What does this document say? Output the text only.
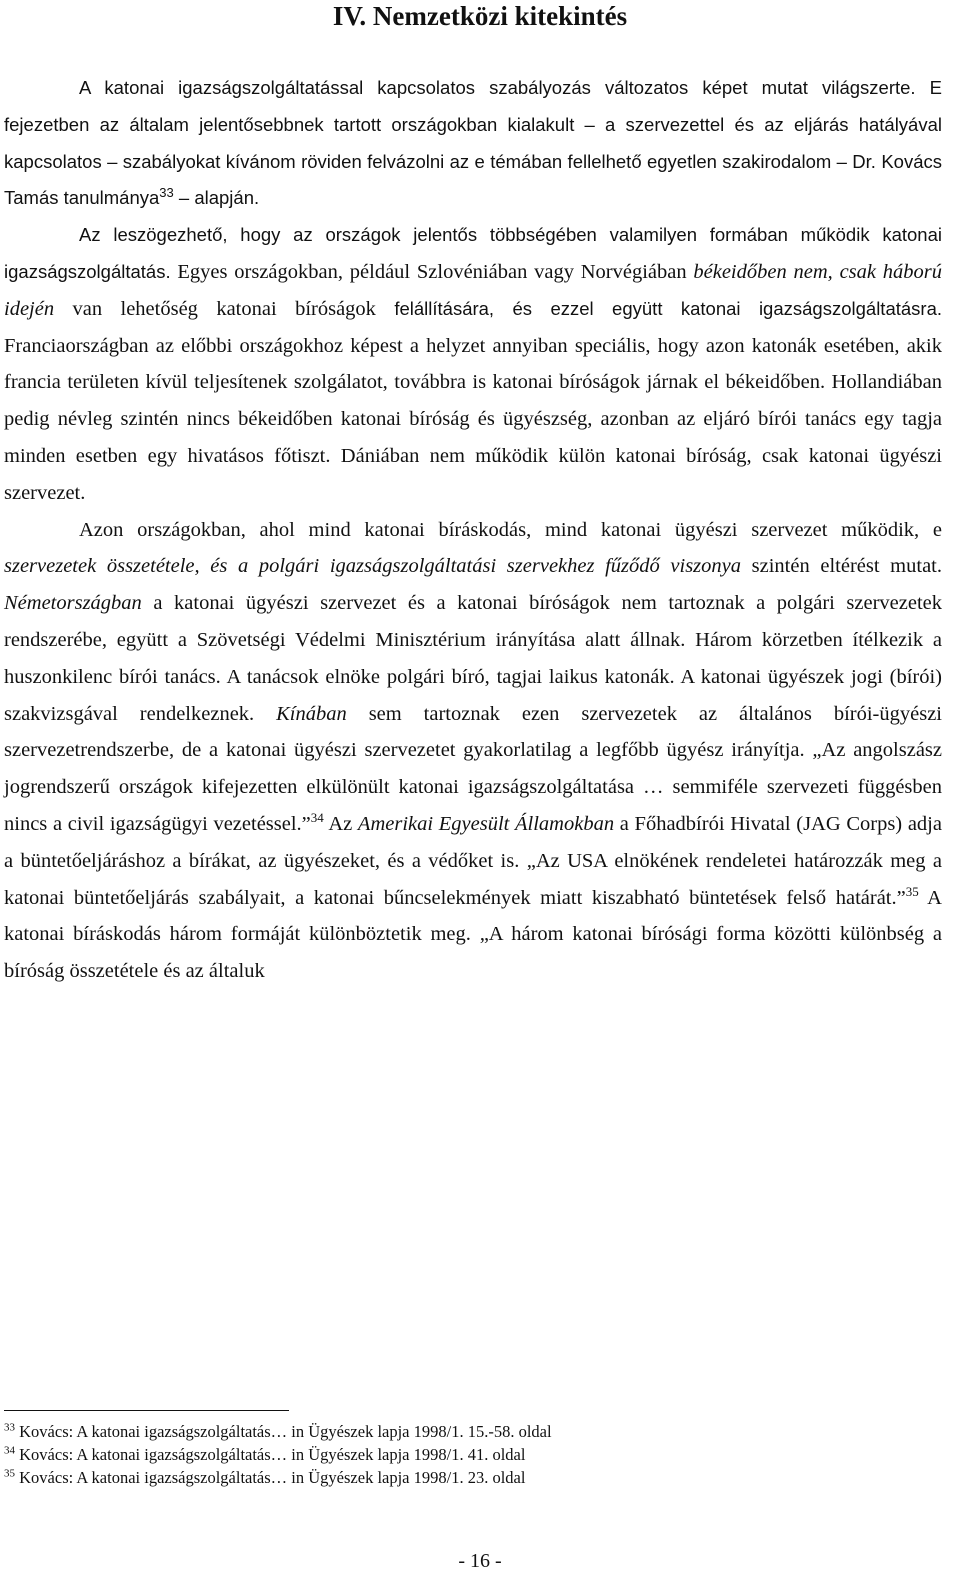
IV. Nemzetközi kitekintés

A katonai igazságszolgáltatással kapcsolatos szabályozás változatos képet mutat világszerte. E fejezetben az általam jelentősebbnek tartott országokban kialakult – a szervezettel és az eljárás hatályával kapcsolatos – szabályokat kívánom röviden felvázolni az e témában fellelhető egyetlen szakirodalom – Dr. Kovács Tamás tanulmánya$^{33}$ – alapján.

Az leszögezhető, hogy az országok jelentős többségében valamilyen formában működik katonai igazságszolgáltatás. Egyes országokban, például Szlovéniában vagy Norvégiában békeidőben nem, csak háború idején van lehetőség katonai bíróságok felállítására, és ezzel együtt katonai igazságszolgáltatásra. Franciaországban az előbbi országokhoz képest a helyzet annyiban speciális, hogy azon katonák esetében, akik francia területen kívül teljesítenek szolgálatot, továbbra is katonai bíróságok járnak el békeidőben. Hollandiában pedig névleg szintén nincs békeidőben katonai bíróság és ügyészség, azonban az eljáró bírói tanács egy tagja minden esetben egy hivatásos főtiszt. Dániában nem működik külön katonai bíróság, csak katonai ügyészi szervezet.

Azon országokban, ahol mind katonai bíráskodás, mind katonai ügyészi szervezet működik, e szervezetek összetétele, és a polgári igazságszolgáltatási szervekhez fűződő viszonya szintén eltérést mutat. Németországban a katonai ügyészi szervezet és a katonai bíróságok nem tartoznak a polgári szervezetek rendszerébe, együtt a Szövetségi Védelmi Minisztérium irányítása alatt állnak. Három körzetben ítélkezik a huszonkilenc bírói tanács. A tanácsok elnöke polgári bíró, tagjai laikus katonák. A katonai ügyészek jogi (bírói) szakvizsgával rendelkeznek. Kínában sem tartoznak ezen szervezetek az általános bírói-ügyészi szervezetrendszerbe, de a katonai ügyészi szervezetet gyakorlatilag a legfőbb ügyész irányítja. „Az angolszász jogrendszerű országok kifejezetten elkülönült katonai igazságszolgáltatása … semmiféle szervezeti függésben nincs a civil igazságügyi vezetéssel.”$^{34}$ Az Amerikai Egyesült Államokban a Főhadbírói Hivatal (JAG Corps) adja a büntetőeljáráshoz a bírákat, az ügyészeket, és a védőket is. „Az USA elnökének rendeletei határozzák meg a katonai büntetőeljárás szabályait, a katonai bűncselekmények miatt kiszabható büntetések felső határát.”$^{35}$ A katonai bíráskodás három formáját különböztetik meg. „A három katonai bírósági forma közötti különbség a bíróság összetétele és az általuk

$^{33}$ Kovács: A katonai igazságszolgáltatás… in Ügyészek lapja 1998/1. 15.-58. oldal
$^{34}$ Kovács: A katonai igazságszolgáltatás… in Ügyészek lapja 1998/1. 41. oldal
$^{35}$ Kovács: A katonai igazságszolgáltatás… in Ügyészek lapja 1998/1. 23. oldal
- 16 -
